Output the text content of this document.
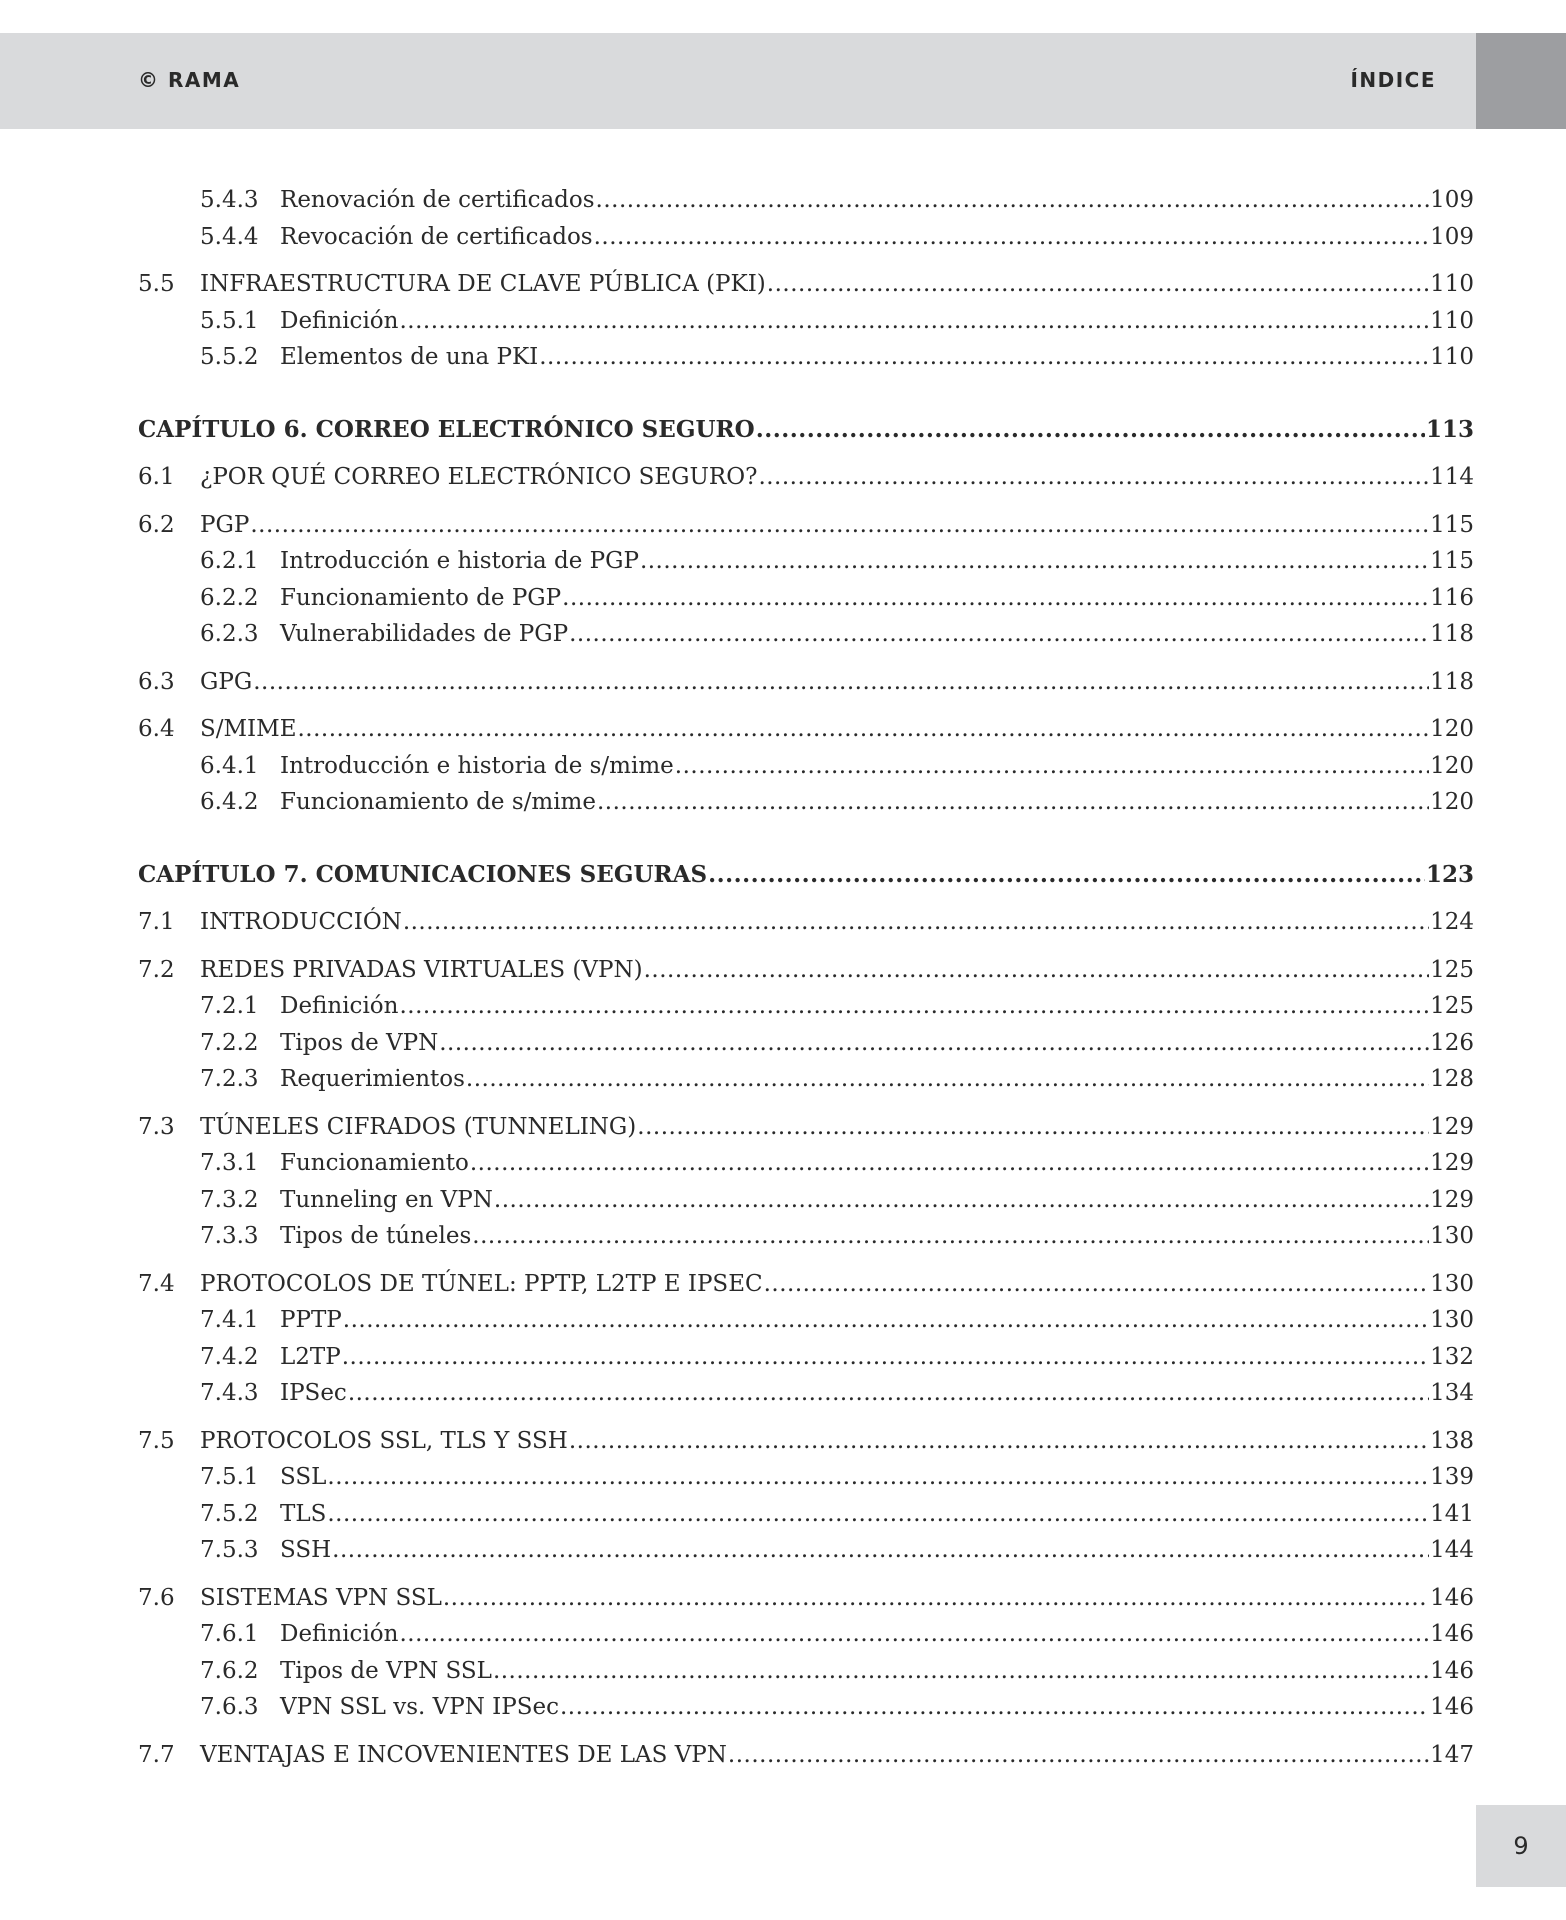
© RAMA	ÍNDICE
5.4.3 Renovación de certificados .....	109
5.4.4 Revocación de certificados .....	109
5.5 INFRAESTRUCTURA DE CLAVE PÚBLICA (PKI) .....	110
5.5.1 Definición .....	110
5.5.2 Elementos de una PKI .....	110
CAPÍTULO 6. CORREO ELECTRÓNICO SEGURO .....	113
6.1 ¿POR QUÉ CORREO ELECTRÓNICO SEGURO? .....	114
6.2 PGP .....	115
6.2.1 Introducción e historia de PGP .....	115
6.2.2 Funcionamiento de PGP .....	116
6.2.3 Vulnerabilidades de PGP .....	118
6.3 GPG .....	118
6.4 S/MIME .....	120
6.4.1 Introducción e historia de s/mime .....	120
6.4.2 Funcionamiento de s/mime .....	120
CAPÍTULO 7. COMUNICACIONES SEGURAS .....	123
7.1 INTRODUCCIÓN .....	124
7.2 REDES PRIVADAS VIRTUALES (VPN) .....	125
7.2.1 Definición .....	125
7.2.2 Tipos de VPN .....	126
7.2.3 Requerimientos .....	128
7.3 TÚNELES CIFRADOS (TUNNELING) .....	129
7.3.1 Funcionamiento .....	129
7.3.2 Tunneling en VPN .....	129
7.3.3 Tipos de túneles .....	130
7.4 PROTOCOLOS DE TÚNEL: PPTP, L2TP E IPSEC .....	130
7.4.1 PPTP .....	130
7.4.2 L2TP .....	132
7.4.3 IPSec .....	134
7.5 PROTOCOLOS SSL, TLS Y SSH .....	138
7.5.1 SSL .....	139
7.5.2 TLS .....	141
7.5.3 SSH .....	144
7.6 SISTEMAS VPN SSL .....	146
7.6.1 Definición .....	146
7.6.2 Tipos de VPN SSL .....	146
7.6.3 VPN SSL vs. VPN IPSec .....	146
7.7 VENTAJAS E INCOVENIENTES DE LAS VPN .....	147
9
